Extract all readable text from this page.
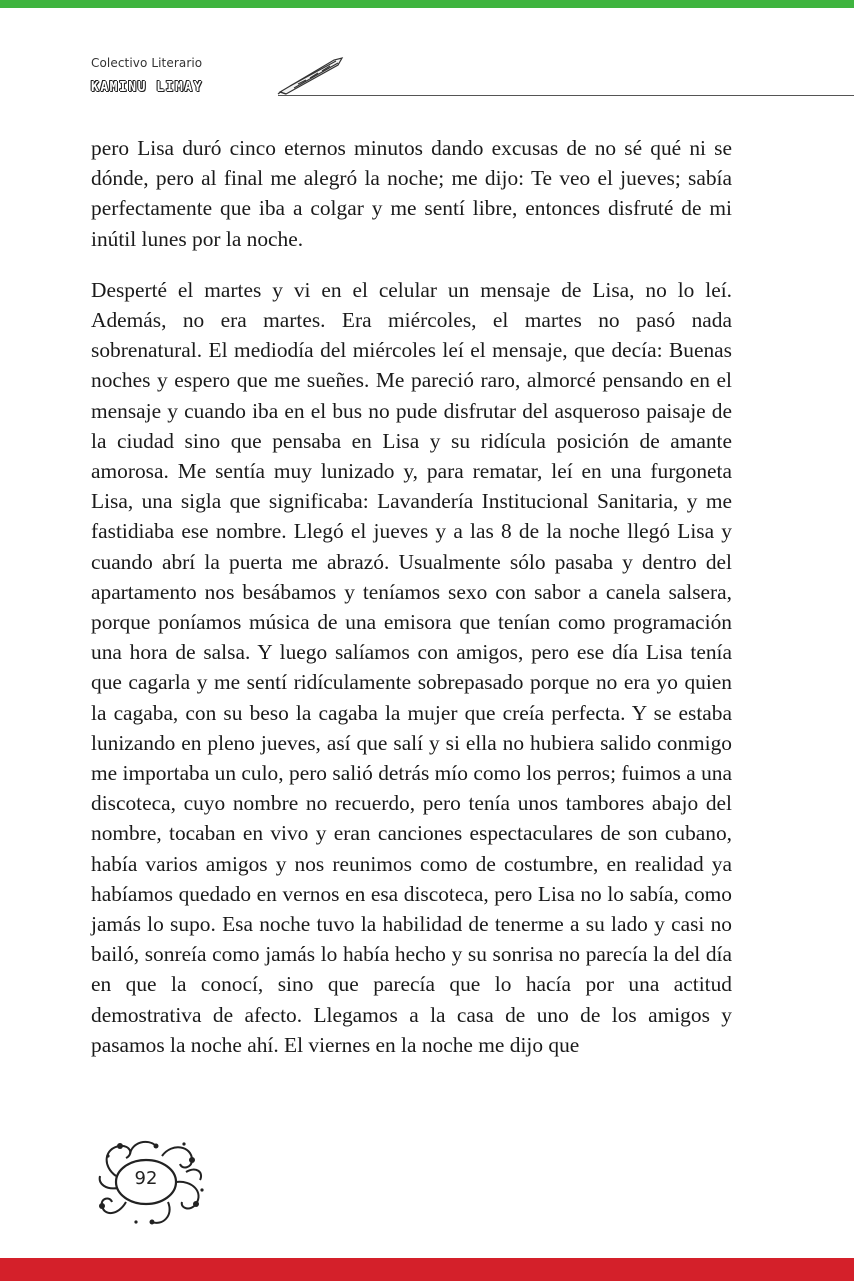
Colectivo Literario
KAMINU LIMAY

pero Lisa duró cinco eternos minutos dando excusas de no sé qué ni se dónde, pero al final me alegró la noche; me dijo: Te veo el jueves; sabía perfectamente que iba a colgar y me sentí libre, entonces disfruté de mi inútil lunes por la noche.

Desperté el martes y vi en el celular un mensaje de Lisa, no lo leí. Además, no era martes. Era miércoles, el martes no pasó nada sobrenatural. El mediodía del miércoles leí el mensaje, que decía: Buenas noches y espero que me sueñes. Me pareció raro, almorcé pensando en el mensaje y cuando iba en el bus no pude disfrutar del asqueroso paisaje de la ciudad sino que pensaba en Lisa y su ridícula posición de amante amorosa. Me sentía muy lunizado y, para rematar, leí en una furgoneta Lisa, una sigla que significaba: Lavandería Institucional Sanitaria, y me fastidiaba ese nombre. Llegó el jueves y a las 8 de la noche llegó Lisa y cuando abrí la puerta me abrazó. Usualmente sólo pasaba y dentro del apartamento nos besábamos y teníamos sexo con sabor a canela salsera, porque poníamos música de una emisora que tenían como programación una hora de salsa. Y luego salíamos con amigos, pero ese día Lisa tenía que cagarla y me sentí ridículamente sobrepasado porque no era yo quien la cagaba, con su beso la cagaba la mujer que creía perfecta. Y se estaba lunizando en pleno jueves, así que salí y si ella no hubiera salido conmigo me importaba un culo, pero salió detrás mío como los perros; fuimos a una discoteca, cuyo nombre no recuerdo, pero tenía unos tambores abajo del nombre, tocaban en vivo y eran canciones espectaculares de son cubano, había varios amigos y nos reunimos como de costumbre, en realidad ya habíamos quedado en vernos en esa discoteca, pero Lisa no lo sabía, como jamás lo supo. Esa noche tuvo la habilidad de tenerme a su lado y casi no bailó, sonreía como jamás lo había hecho y su sonrisa no parecía la del día en que la conocí, sino que parecía que lo hacía por una actitud demostrativa de afecto. Llegamos a la casa de uno de los amigos y pasamos la noche ahí. El viernes en la noche me dijo que

92
